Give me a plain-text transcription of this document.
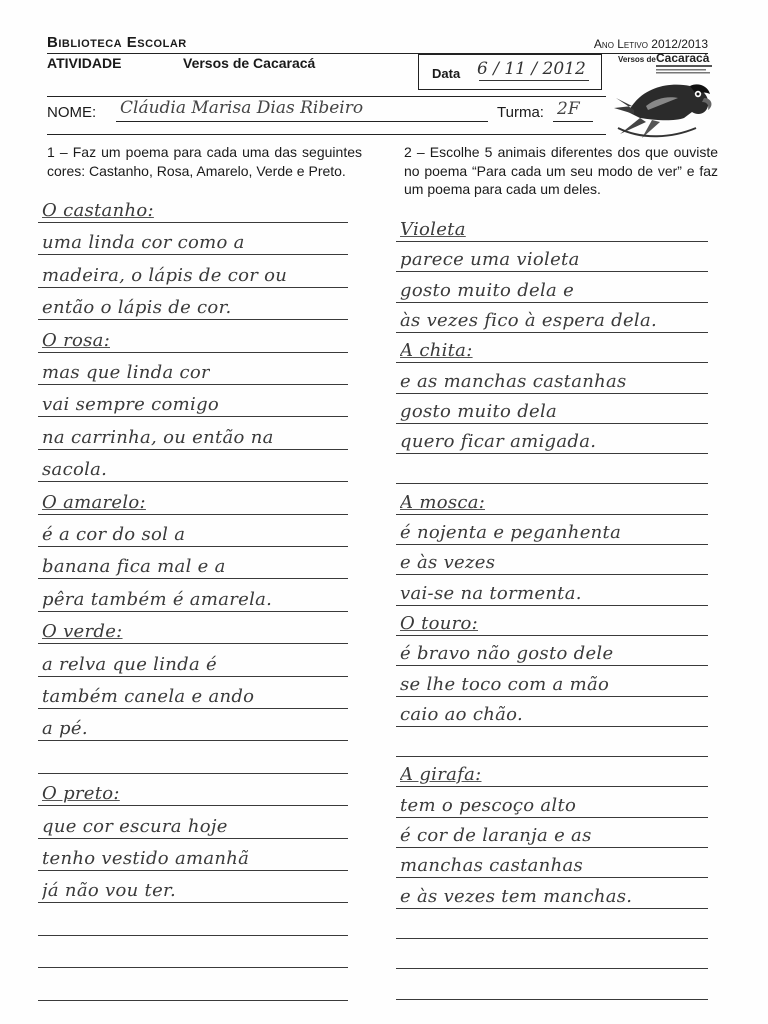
Biblioteca Escolar	Ano Letivo 2012/2013
ATIVIDADE	Versos de Cacaracá
Data 6 / 11 / 2012	Versos de Cacaracá
NOME: Cláudia Marisa Dias Ribeiro	Turma: 2F
1 – Faz um poema para cada uma das seguintes cores: Castanho, Rosa, Amarelo, Verde e Preto.
2 – Escolhe 5 animais diferentes dos que ouviste no poema “Para cada um seu modo de ver” e faz um poema para cada um deles.
O castanho:
uma linda cor como a
madeira, o lápis de cor ou
então o lápis de cor.
O rosa:
mas que linda cor
vai sempre comigo
na carrinha, ou então na
sacola.
O amarelo:
é a cor do sol a
banana fica mal e a
pêra também é amarela.
O verde:
a relva que linda é
também canela e ando
a pé.
O preto:
que cor escura hoje
tenho vestido amanhã
já não vou ter.
Violeta
parece uma violeta
gosto muito dela e
às vezes fico à espera dela.
A chita:
e as manchas castanhas
gosto muito dela
quero ficar amigada.
A mosca:
é nojenta e peganhenta
e às vezes
vai-se na tormenta.
O touro:
é bravo não gosto dele
se lhe toco com a mão
caio ao chão.
A girafa:
tem o pescoço alto
é cor de laranja e as
manchas castanhas
e às vezes tem manchas.
